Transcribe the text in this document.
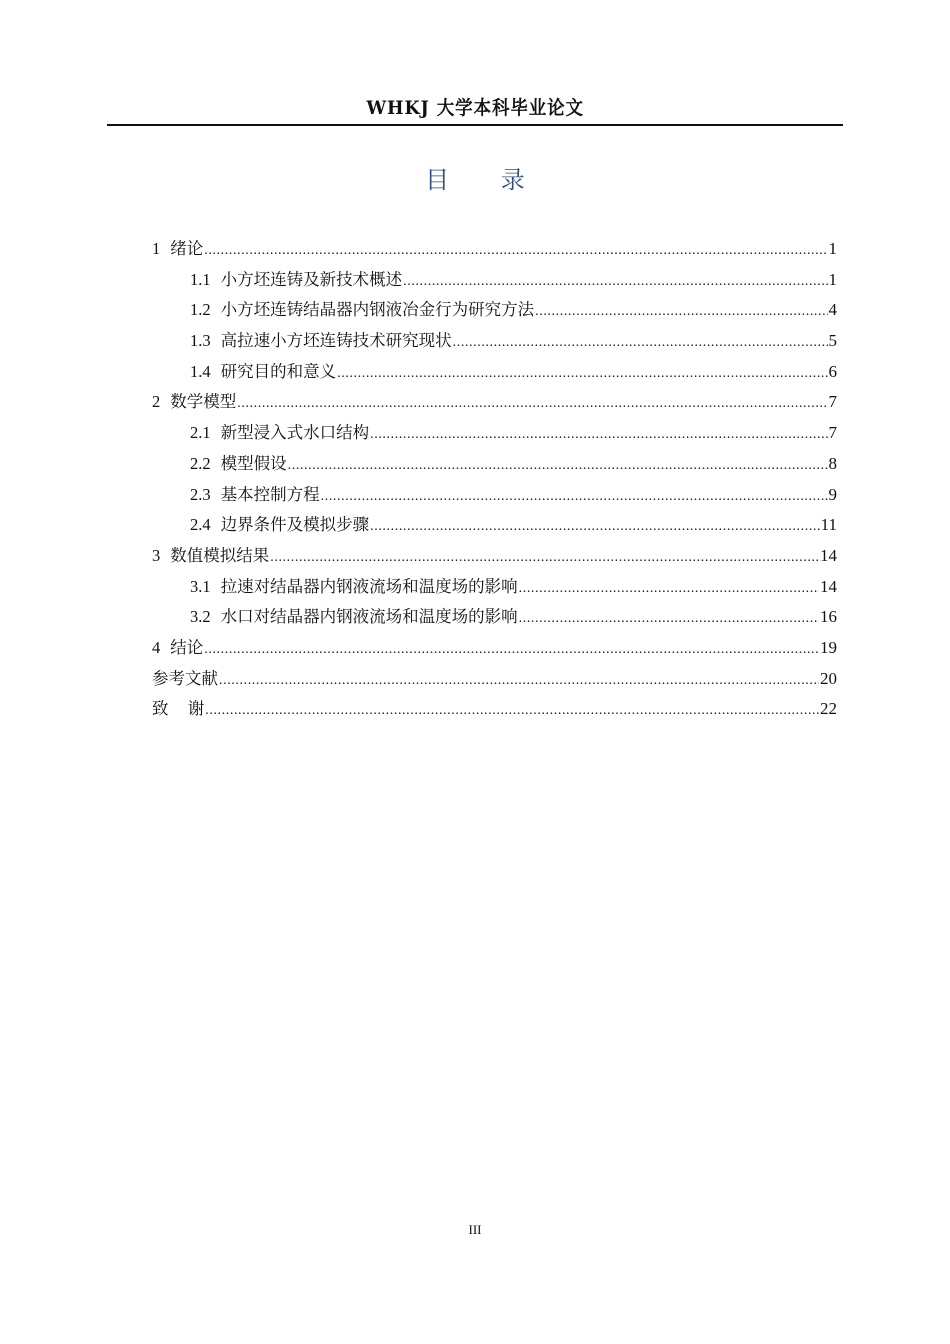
WHKJ 大学本科毕业论文
目 录
1 绪论 .....	1
1.1 小方坯连铸及新技术概述 .....	1
1.2 小方坯连铸结晶器内钢液冶金行为研究方法 .....	4
1.3 高拉速小方坯连铸技术研究现状 .....	5
1.4 研究目的和意义 .....	6
2 数学模型 .....	7
2.1 新型浸入式水口结构 .....	7
2.2 模型假设 .....	8
2.3 基本控制方程 .....	9
2.4 边界条件及模拟步骤 .....	11
3 数值模拟结果 .....	14
3.1 拉速对结晶器内钢液流场和温度场的影响 .....	14
3.2 水口对结晶器内钢液流场和温度场的影响 .....	16
4 结论 .....	19
参考文献 .....	20
致 谢 .....	22
III
